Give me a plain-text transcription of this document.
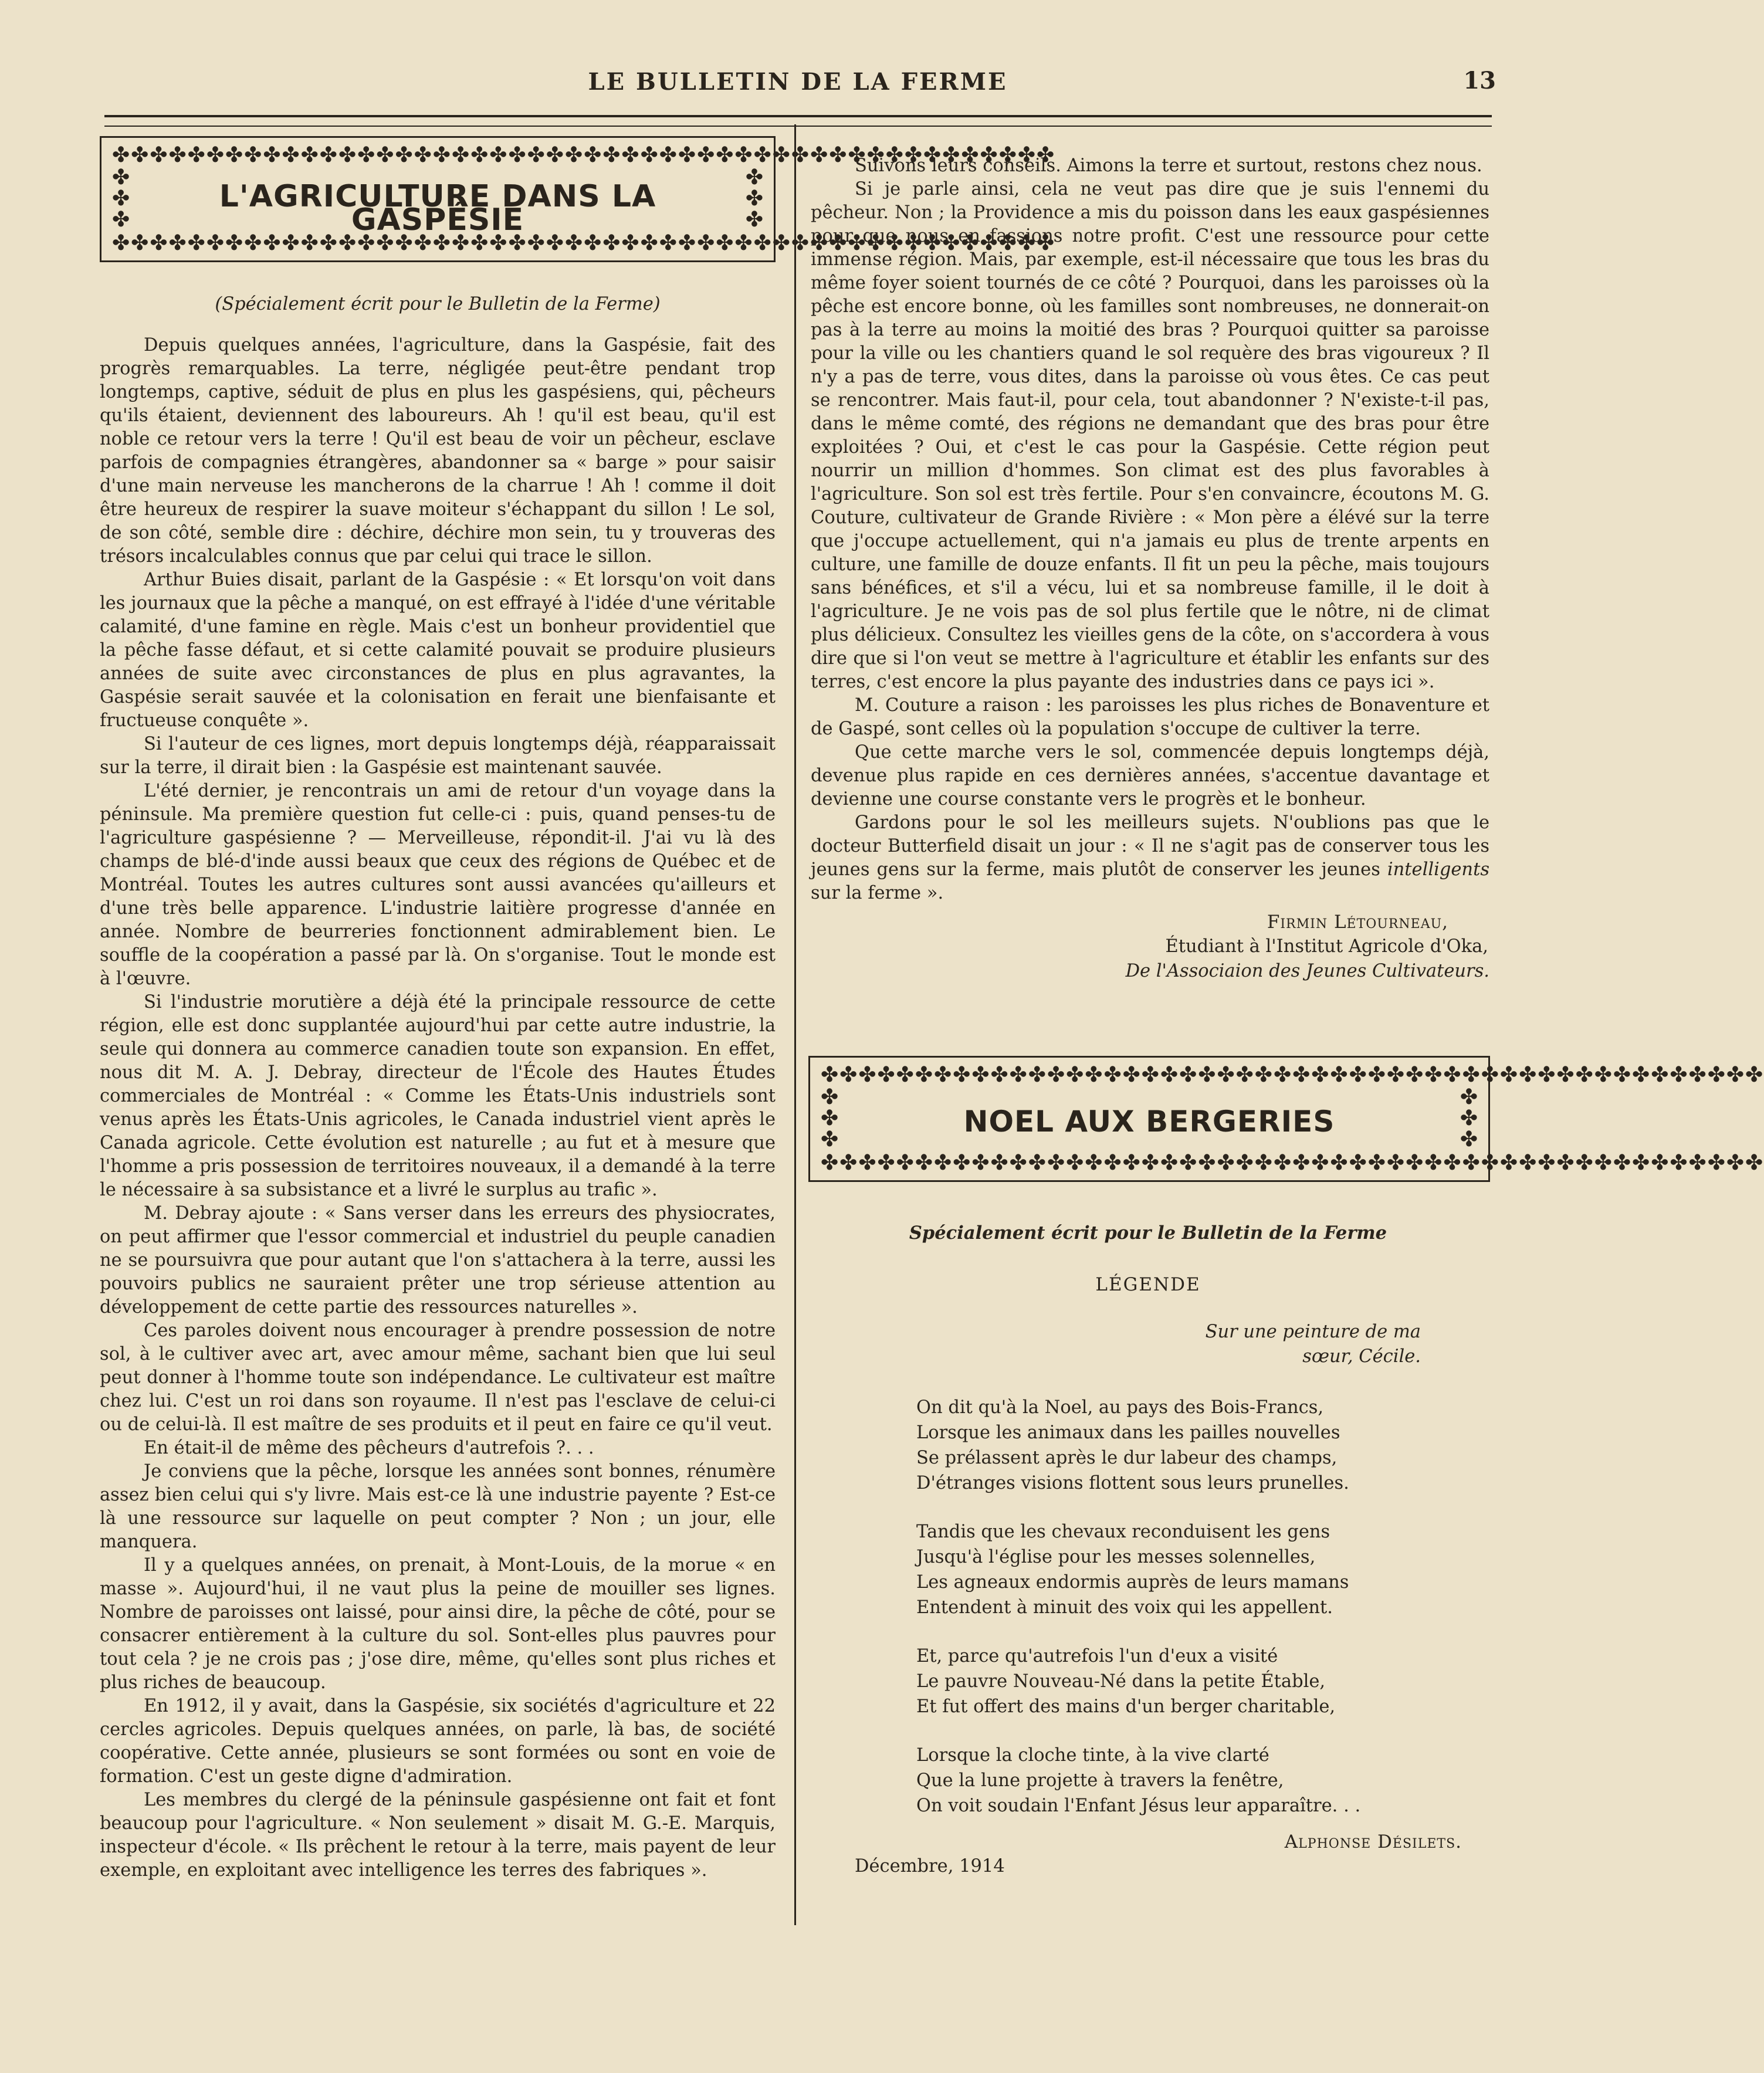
LE BULLETIN DE LA FERME	13
✤✤✤✤✤✤✤✤✤✤✤✤✤✤✤✤✤✤✤✤✤✤✤✤✤✤✤✤✤✤✤✤✤✤✤✤✤✤✤✤✤✤✤✤✤✤✤✤✤✤
✤
✤
✤
L'AGRICULTURE DANS LA GASPÉSIE
✤
✤
✤
✤✤✤✤✤✤✤✤✤✤✤✤✤✤✤✤✤✤✤✤✤✤✤✤✤✤✤✤✤✤✤✤✤✤✤✤✤✤✤✤✤✤✤✤✤✤✤✤✤✤
(Spécialement écrit pour le Bulletin de la Ferme)

Depuis quelques années, l'agriculture, dans la Gaspésie, fait des progrès remarquables. La terre, négligée peut-être pendant trop longtemps, captive, séduit de plus en plus les gaspésiens, qui, pêcheurs qu'ils étaient, deviennent des laboureurs. Ah ! qu'il est beau, qu'il est noble ce retour vers la terre ! Qu'il est beau de voir un pêcheur, esclave parfois de compagnies étrangères, abandonner sa « barge » pour saisir d'une main nerveuse les mancherons de la charrue ! Ah ! comme il doit être heureux de respirer la suave moiteur s'échappant du sillon ! Le sol, de son côté, semble dire : déchire, déchire mon sein, tu y trouveras des trésors incalculables connus que par celui qui trace le sillon.

Arthur Buies disait, parlant de la Gaspésie : « Et lorsqu'on voit dans les journaux que la pêche a manqué, on est effrayé à l'idée d'une véritable calamité, d'une famine en règle. Mais c'est un bonheur providentiel que la pêche fasse défaut, et si cette calamité pouvait se produire plusieurs années de suite avec circonstances de plus en plus agravantes, la Gaspésie serait sauvée et la colonisation en ferait une bienfaisante et fructueuse conquête ».

Si l'auteur de ces lignes, mort depuis longtemps déjà, réapparaissait sur la terre, il dirait bien : la Gaspésie est maintenant sauvée.

L'été dernier, je rencontrais un ami de retour d'un voyage dans la péninsule. Ma première question fut celle-ci : puis, quand penses-tu de l'agriculture gaspésienne ? — Merveilleuse, répondit-il. J'ai vu là des champs de blé-d'inde aussi beaux que ceux des régions de Québec et de Montréal. Toutes les autres cultures sont aussi avancées qu'ailleurs et d'une très belle apparence. L'industrie laitière progresse d'année en année. Nombre de beurreries fonctionnent admirablement bien. Le souffle de la coopération a passé par là. On s'organise. Tout le monde est à l'œuvre.

Si l'industrie morutière a déjà été la principale ressource de cette région, elle est donc supplantée aujourd'hui par cette autre industrie, la seule qui donnera au commerce canadien toute son expansion. En effet, nous dit M. A. J. Debray, directeur de l'École des Hautes Études commerciales de Montréal : « Comme les États-Unis industriels sont venus après les États-Unis agricoles, le Canada industriel vient après le Canada agricole. Cette évolution est naturelle ; au fut et à mesure que l'homme a pris possession de territoires nouveaux, il a demandé à la terre le nécessaire à sa subsistance et a livré le surplus au trafic ».

M. Debray ajoute : « Sans verser dans les erreurs des physiocrates, on peut affirmer que l'essor commercial et industriel du peuple canadien ne se poursuivra que pour autant que l'on s'attachera à la terre, aussi les pouvoirs publics ne sauraient prêter une trop sérieuse attention au développement de cette partie des ressources naturelles ».

Ces paroles doivent nous encourager à prendre possession de notre sol, à le cultiver avec art, avec amour même, sachant bien que lui seul peut donner à l'homme toute son indépendance. Le cultivateur est maître chez lui. C'est un roi dans son royaume. Il n'est pas l'esclave de celui-ci ou de celui-là. Il est maître de ses produits et il peut en faire ce qu'il veut.

En était-il de même des pêcheurs d'autrefois ?. . .

Je conviens que la pêche, lorsque les années sont bonnes, rénumère assez bien celui qui s'y livre. Mais est-ce là une industrie payente ? Est-ce là une ressource sur laquelle on peut compter ? Non ; un jour, elle manquera.

Il y a quelques années, on prenait, à Mont-Louis, de la morue « en masse ». Aujourd'hui, il ne vaut plus la peine de mouiller ses lignes. Nombre de paroisses ont laissé, pour ainsi dire, la pêche de côté, pour se consacrer entièrement à la culture du sol. Sont-elles plus pauvres pour tout cela ? je ne crois pas ; j'ose dire, même, qu'elles sont plus riches et plus riches de beaucoup.

En 1912, il y avait, dans la Gaspésie, six sociétés d'agriculture et 22 cercles agricoles. Depuis quelques années, on parle, là bas, de société coopérative. Cette année, plusieurs se sont formées ou sont en voie de formation. C'est un geste digne d'admiration.

Les membres du clergé de la péninsule gaspésienne ont fait et font beaucoup pour l'agriculture. « Non seulement » disait M. G.-E. Marquis, inspecteur d'école. « Ils prêchent le retour à la terre, mais payent de leur exemple, en exploitant avec intelligence les terres des fabriques ».

Suivons leurs conseils. Aimons la terre et surtout, restons chez nous.

Si je parle ainsi, cela ne veut pas dire que je suis l'ennemi du pêcheur. Non ; la Providence a mis du poisson dans les eaux gaspésiennes pour que nous en fassions notre profit. C'est une ressource pour cette immense région. Mais, par exemple, est-il nécessaire que tous les bras du même foyer soient tournés de ce côté ? Pourquoi, dans les paroisses où la pêche est encore bonne, où les familles sont nombreuses, ne donnerait-on pas à la terre au moins la moitié des bras ? Pourquoi quitter sa paroisse pour la ville ou les chantiers quand le sol requère des bras vigoureux ? Il n'y a pas de terre, vous dites, dans la paroisse où vous êtes. Ce cas peut se rencontrer. Mais faut-il, pour cela, tout abandonner ? N'existe-t-il pas, dans le même comté, des régions ne demandant que des bras pour être exploitées ? Oui, et c'est le cas pour la Gaspésie. Cette région peut nourrir un million d'hommes. Son climat est des plus favorables à l'agriculture. Son sol est très fertile. Pour s'en convaincre, écoutons M. G. Couture, cultivateur de Grande Rivière : « Mon père a élévé sur la terre que j'occupe actuellement, qui n'a jamais eu plus de trente arpents en culture, une famille de douze enfants. Il fit un peu la pêche, mais toujours sans bénéfices, et s'il a vécu, lui et sa nombreuse famille, il le doit à l'agriculture. Je ne vois pas de sol plus fertile que le nôtre, ni de climat plus délicieux. Consultez les vieilles gens de la côte, on s'accordera à vous dire que si l'on veut se mettre à l'agriculture et établir les enfants sur des terres, c'est encore la plus payante des industries dans ce pays ici ».

M. Couture a raison : les paroisses les plus riches de Bonaventure et de Gaspé, sont celles où la population s'occupe de cultiver la terre.

Que cette marche vers le sol, commencée depuis longtemps déjà, devenue plus rapide en ces dernières années, s'accentue davantage et devienne une course constante vers le progrès et le bonheur.

Gardons pour le sol les meilleurs sujets. N'oublions pas que le docteur Butterfield disait un jour : « Il ne s'agit pas de conserver tous les jeunes gens sur la ferme, mais plutôt de conserver les jeunes intelligents sur la ferme ».

Firmin Létourneau,
Étudiant à l'Institut Agricole d'Oka,
De l'Associaion des Jeunes Cultivateurs.
✤✤✤✤✤✤✤✤✤✤✤✤✤✤✤✤✤✤✤✤✤✤✤✤✤✤✤✤✤✤✤✤✤✤✤✤✤✤✤✤✤✤✤✤✤✤✤✤✤✤
✤
✤
✤
NOEL AUX BERGERIES
✤
✤
✤
✤✤✤✤✤✤✤✤✤✤✤✤✤✤✤✤✤✤✤✤✤✤✤✤✤✤✤✤✤✤✤✤✤✤✤✤✤✤✤✤✤✤✤✤✤✤✤✤✤✤
Spécialement écrit pour le Bulletin de la Ferme
LÉGENDE
Sur une peinture de ma
sœur, Cécile.
On dit qu'à la Noel, au pays des Bois-Francs,
Lorsque les animaux dans les pailles nouvelles
Se prélassent après le dur labeur des champs,
D'étranges visions flottent sous leurs prunelles.
Tandis que les chevaux reconduisent les gens
Jusqu'à l'église pour les messes solennelles,
Les agneaux endormis auprès de leurs mamans
Entendent à minuit des voix qui les appellent.
Et, parce qu'autrefois l'un d'eux a visité
Le pauvre Nouveau-Né dans la petite Étable,
Et fut offert des mains d'un berger charitable,
Lorsque la cloche tinte, à la vive clarté
Que la lune projette à travers la fenêtre,
On voit soudain l'Enfant Jésus leur apparaître. . .
Alphonse Désilets.
Décembre, 1914
